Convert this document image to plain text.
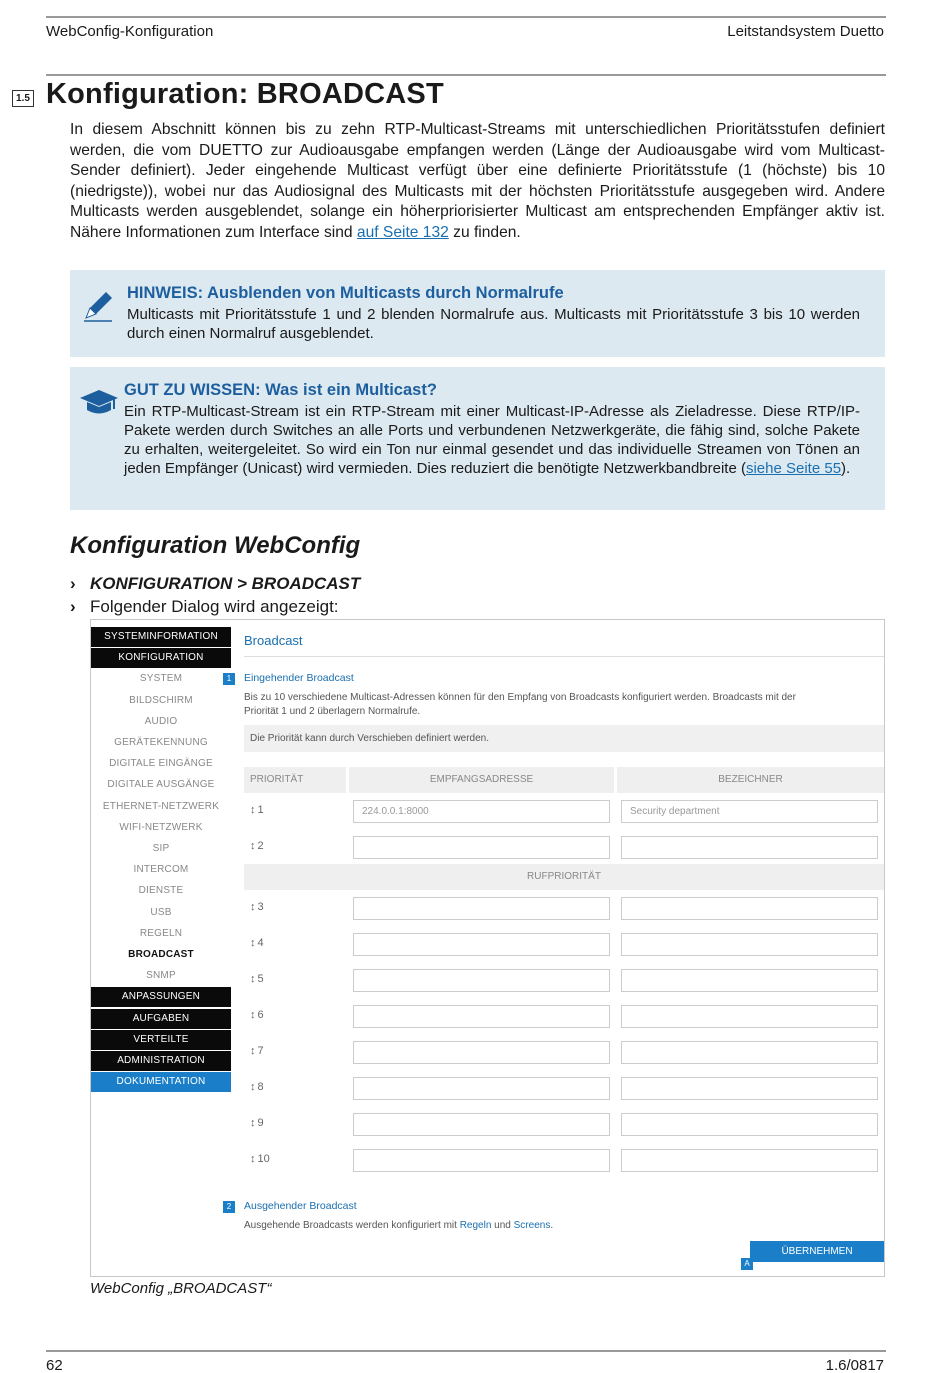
WebConfig-Konfiguration	Leitstandsystem Duetto
1.5 Konfiguration: BROADCAST
In diesem Abschnitt können bis zu zehn RTP-Multicast-Streams mit unterschiedlichen Prioritätsstufen definiert werden, die vom DUETTO zur Audioausgabe empfangen werden (Länge der Audioausgabe wird vom Multicast-Sender definiert). Jeder eingehende Multicast verfügt über eine definierte Prioritätsstufe (1 (höchste) bis 10 (niedrigste)), wobei nur das Audiosignal des Multicasts mit der höchsten Prioritätsstufe ausgegeben wird. Andere Multicasts werden ausgeblendet, solange ein höherpriorisierter Multicast am entsprechenden Empfänger aktiv ist. Nähere Informationen zum Interface sind auf Seite 132 zu finden.
HINWEIS: Ausblenden von Multicasts durch Normalrufe
Multicasts mit Prioritätsstufe 1 und 2 blenden Normalrufe aus. Multicasts mit Prioritätsstufe 3 bis 10 werden durch einen Normalruf ausgeblendet.
GUT ZU WISSEN: Was ist ein Multicast?
Ein RTP-Multicast-Stream ist ein RTP-Stream mit einer Multicast-IP-Adresse als Zieladresse. Diese RTP/IP-Pakete werden durch Switches an alle Ports und verbundenen Netzwerkgeräte, die fähig sind, solche Pakete zu erhalten, weitergeleitet. So wird ein Ton nur einmal gesendet und das individuelle Streamen von Tönen an jeden Empfänger (Unicast) wird vermieden. Dies reduziert die benötigte Netzwerkbandbreite (siehe Seite 55).
Konfiguration WebConfig
› KONFIGURATION > BROADCAST
› Folgender Dialog wird angezeigt:
SYSTEMINFORMATION
KONFIGURATION
SYSTEM
BILDSCHIRM
AUDIO
GERÄTEKENNUNG
DIGITALE EINGÄNGE
DIGITALE AUSGÄNGE
ETHERNET-NETZWERK
WIFI-NETZWERK
SIP
INTERCOM
DIENSTE
USB
REGELN
BROADCAST
SNMP
ANPASSUNGEN
AUFGABEN
VERTEILTE
ADMINISTRATION
DOKUMENTATION
Broadcast
1	Eingehender Broadcast
Bis zu 10 verschiedene Multicast-Adressen können für den Empfang von Broadcasts konfiguriert werden. Broadcasts mit der
Priorität 1 und 2 überlagern Normalrufe.
Die Priorität kann durch Verschieben definiert werden.
PRIORITÄT	EMPFANGSADRESSE	BEZEICHNER
RUFPRIORITÄT
↕ 1	224.0.0.1:8000	Security department
↕ 2
↕ 3
↕ 4
↕ 5
↕ 6
↕ 7
↕ 8
↕ 9
↕ 10
2	Ausgehender Broadcast
Ausgehende Broadcasts werden konfiguriert mit Regeln und Screens.
ÜBERNEHMEN
A
WebConfig „BROADCAST“
62	1.6/0817
